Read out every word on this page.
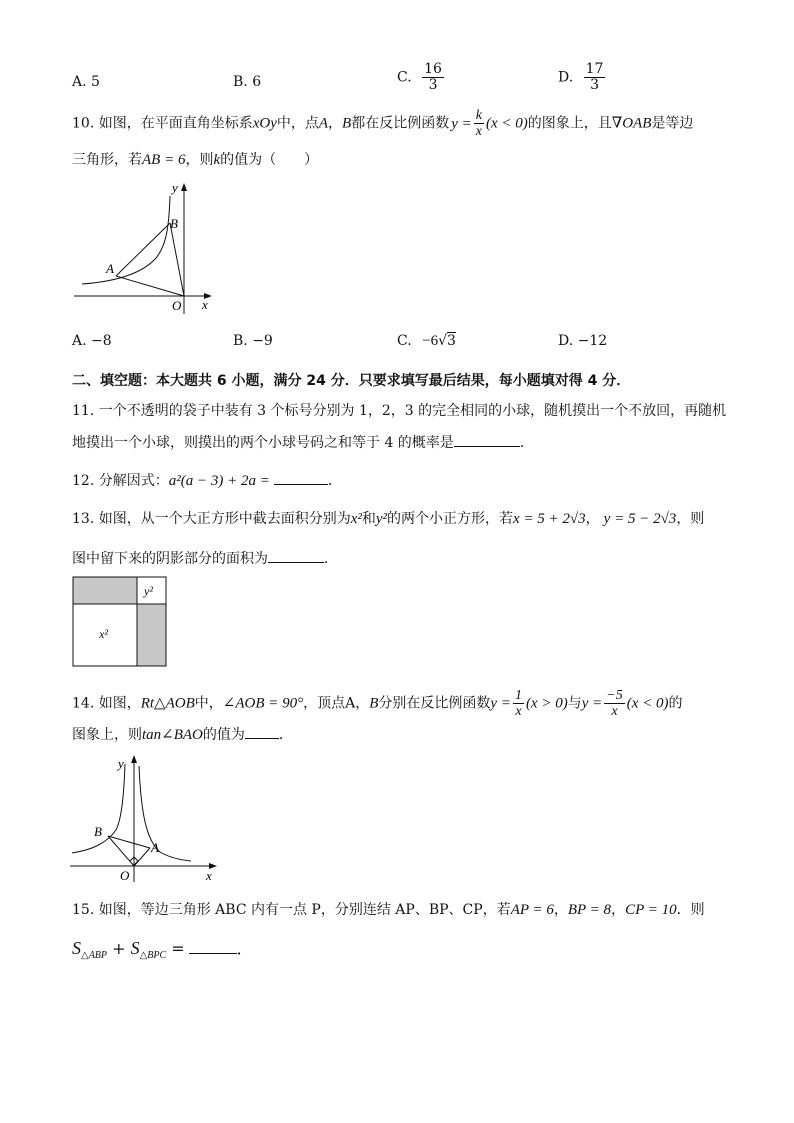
A. 5	B. 6	C. $\frac{16}{3}$	D. $\frac{17}{3}$
10. 如图，在平面直角坐标系xOy中，点A，B都在反比例函数 $y = \frac{k}{x} (x < 0)$的图象上，且∇OAB是等边
三角形，若AB = 6，则k的值为（　　）
y
B
A
O x
A. −8	B. −9	C. −6√3	D. −12
二、填空题：本大题共 6 小题，满分 24 分．只要求填写最后结果，每小题填对得 4 分．
11. 一个不透明的袋子中装有 3 个标号分别为 1，2，3 的完全相同的小球，随机摸出一个不放回，再随机
地摸出一个小球，则摸出的两个小球号码之和等于 4 的概率是	．
12. 分解因式：a²(a − 3) + 2a =	．
13. 如图，从一个大正方形中截去面积分别为x²和y²的两个小正方形，若x = 5 + 2√3， y = 5 − 2√3，则
图中留下来的阴影部分的面积为	．
x²
y²
14. 如图，Rt△AOB中，∠AOB = 90°，顶点A，B分别在反比例函数$y = \frac{1}{x} (x > 0)$与$y = \frac{-5}{x} (x < 0)$的
图象上，则tan∠BAO的值为 ．
y
B
A
O	x
15. 如图，等边三角形 ABC 内有一点 P，分别连结 AP、BP、CP，若AP = 6，BP = 8，CP = 10．则
$S_{\triangle ABP} + S_{\triangle BPC}$ =	．
